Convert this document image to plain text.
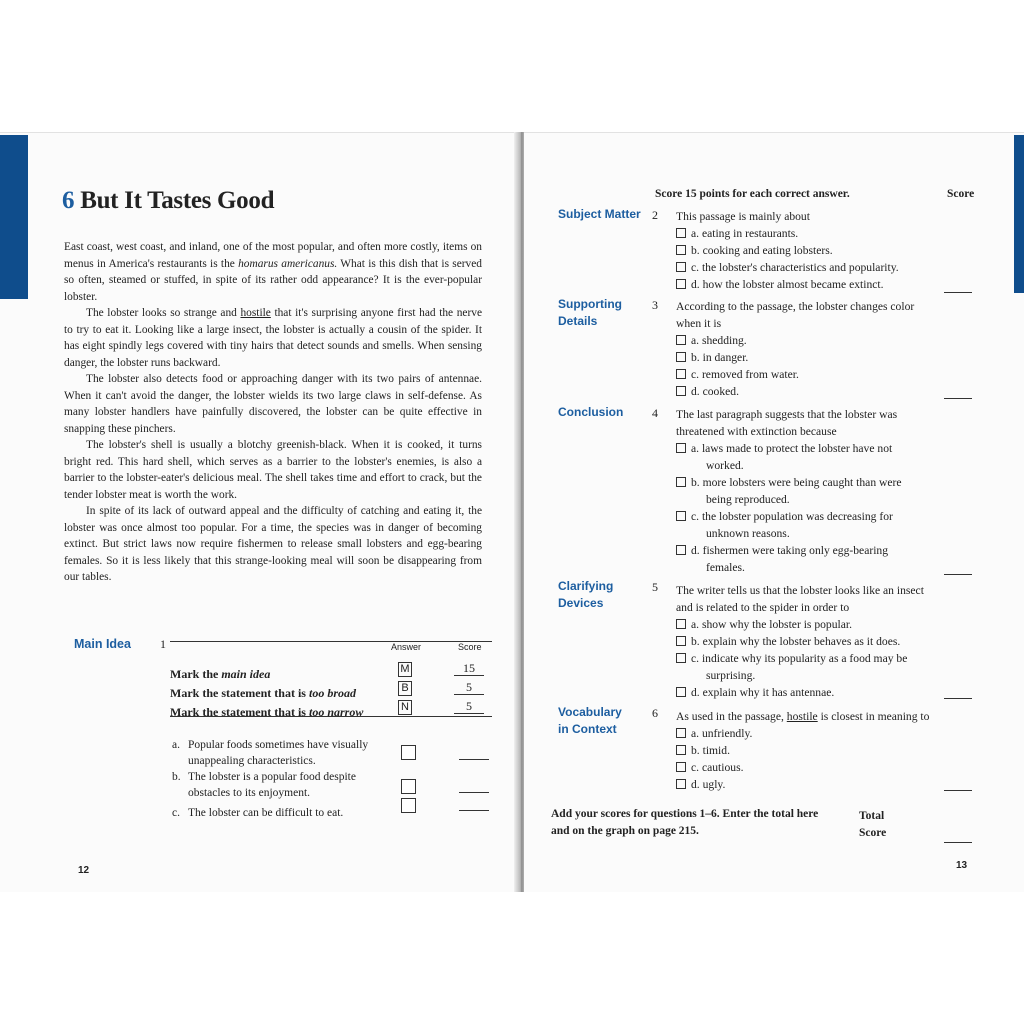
6 But It Tastes Good

East coast, west coast, and inland, one of the most popular, and often more costly, items on menus in America's restaurants is the homarus americanus. What is this dish that is served so often, steamed or stuffed, in spite of its rather odd appearance? It is the ever-popular lobster.

The lobster looks so strange and hostile that it's surprising anyone first had the nerve to try to eat it. Looking like a large insect, the lobster is actually a cousin of the spider. It has eight spindly legs covered with tiny hairs that detect sounds and smells. When sensing danger, the lobster runs backward.

The lobster also detects food or approaching danger with its two pairs of antennae. When it can't avoid the danger, the lobster wields its two large claws in self-defense. As many lobster handlers have painfully discovered, the lobster can be quite effective in snapping these pinchers.

The lobster's shell is usually a blotchy greenish-black. When it is cooked, it turns bright red. This hard shell, which serves as a barrier to the lobster's enemies, is also a barrier to the lobster-eater's delicious meal. The shell takes time and effort to crack, but the tender lobster meat is worth the work.

In spite of its lack of outward appeal and the difficulty of catching and eating it, the lobster was once almost too popular. For a time, the species was in danger of becoming extinct. But strict laws now require fishermen to release small lobsters and egg-bearing females. So it is less likely that this strange-looking meal will soon be disappearing from our tables.

Main Idea 1	Answer	Score
Mark the main idea	M	15
Mark the statement that is too broad	B	5
Mark the statement that is too narrow	N	5
a. Popular foods sometimes have visually
unappealing characteristics.
b. The lobster is a popular food despite
obstacles to its enjoyment.
c. The lobster can be difficult to eat.
12
Score 15 points for each correct answer.	Score
Subject Matter 2 This passage is mainly about
a. eating in restaurants.
b. cooking and eating lobsters.
c. the lobster's characteristics and popularity.
d. how the lobster almost became extinct.
Supporting
Details
3 According to the passage, the lobster changes color when it is
a. shedding.
b. in danger.
c. removed from water.
d. cooked.
Conclusion 4 The last paragraph suggests that the lobster was threatened with extinction because
a. laws made to protect the lobster have not
worked.
b. more lobsters were being caught than were
being reproduced.
c. the lobster population was decreasing for
unknown reasons.
d. fishermen were taking only egg-bearing
females.
Clarifying
Devices
5 The writer tells us that the lobster looks like an insect and is related to the spider in order to
a. show why the lobster is popular.
b. explain why the lobster behaves as it does.
c. indicate why its popularity as a food may be
surprising.
d. explain why it has antennae.
Vocabulary
in Context
6 As used in the passage, hostile is closest in meaning to
a. unfriendly.
b. timid.
c. cautious.
d. ugly.
Add your scores for questions 1–6. Enter the total here
and on the graph on page 215.
Total
Score
13
